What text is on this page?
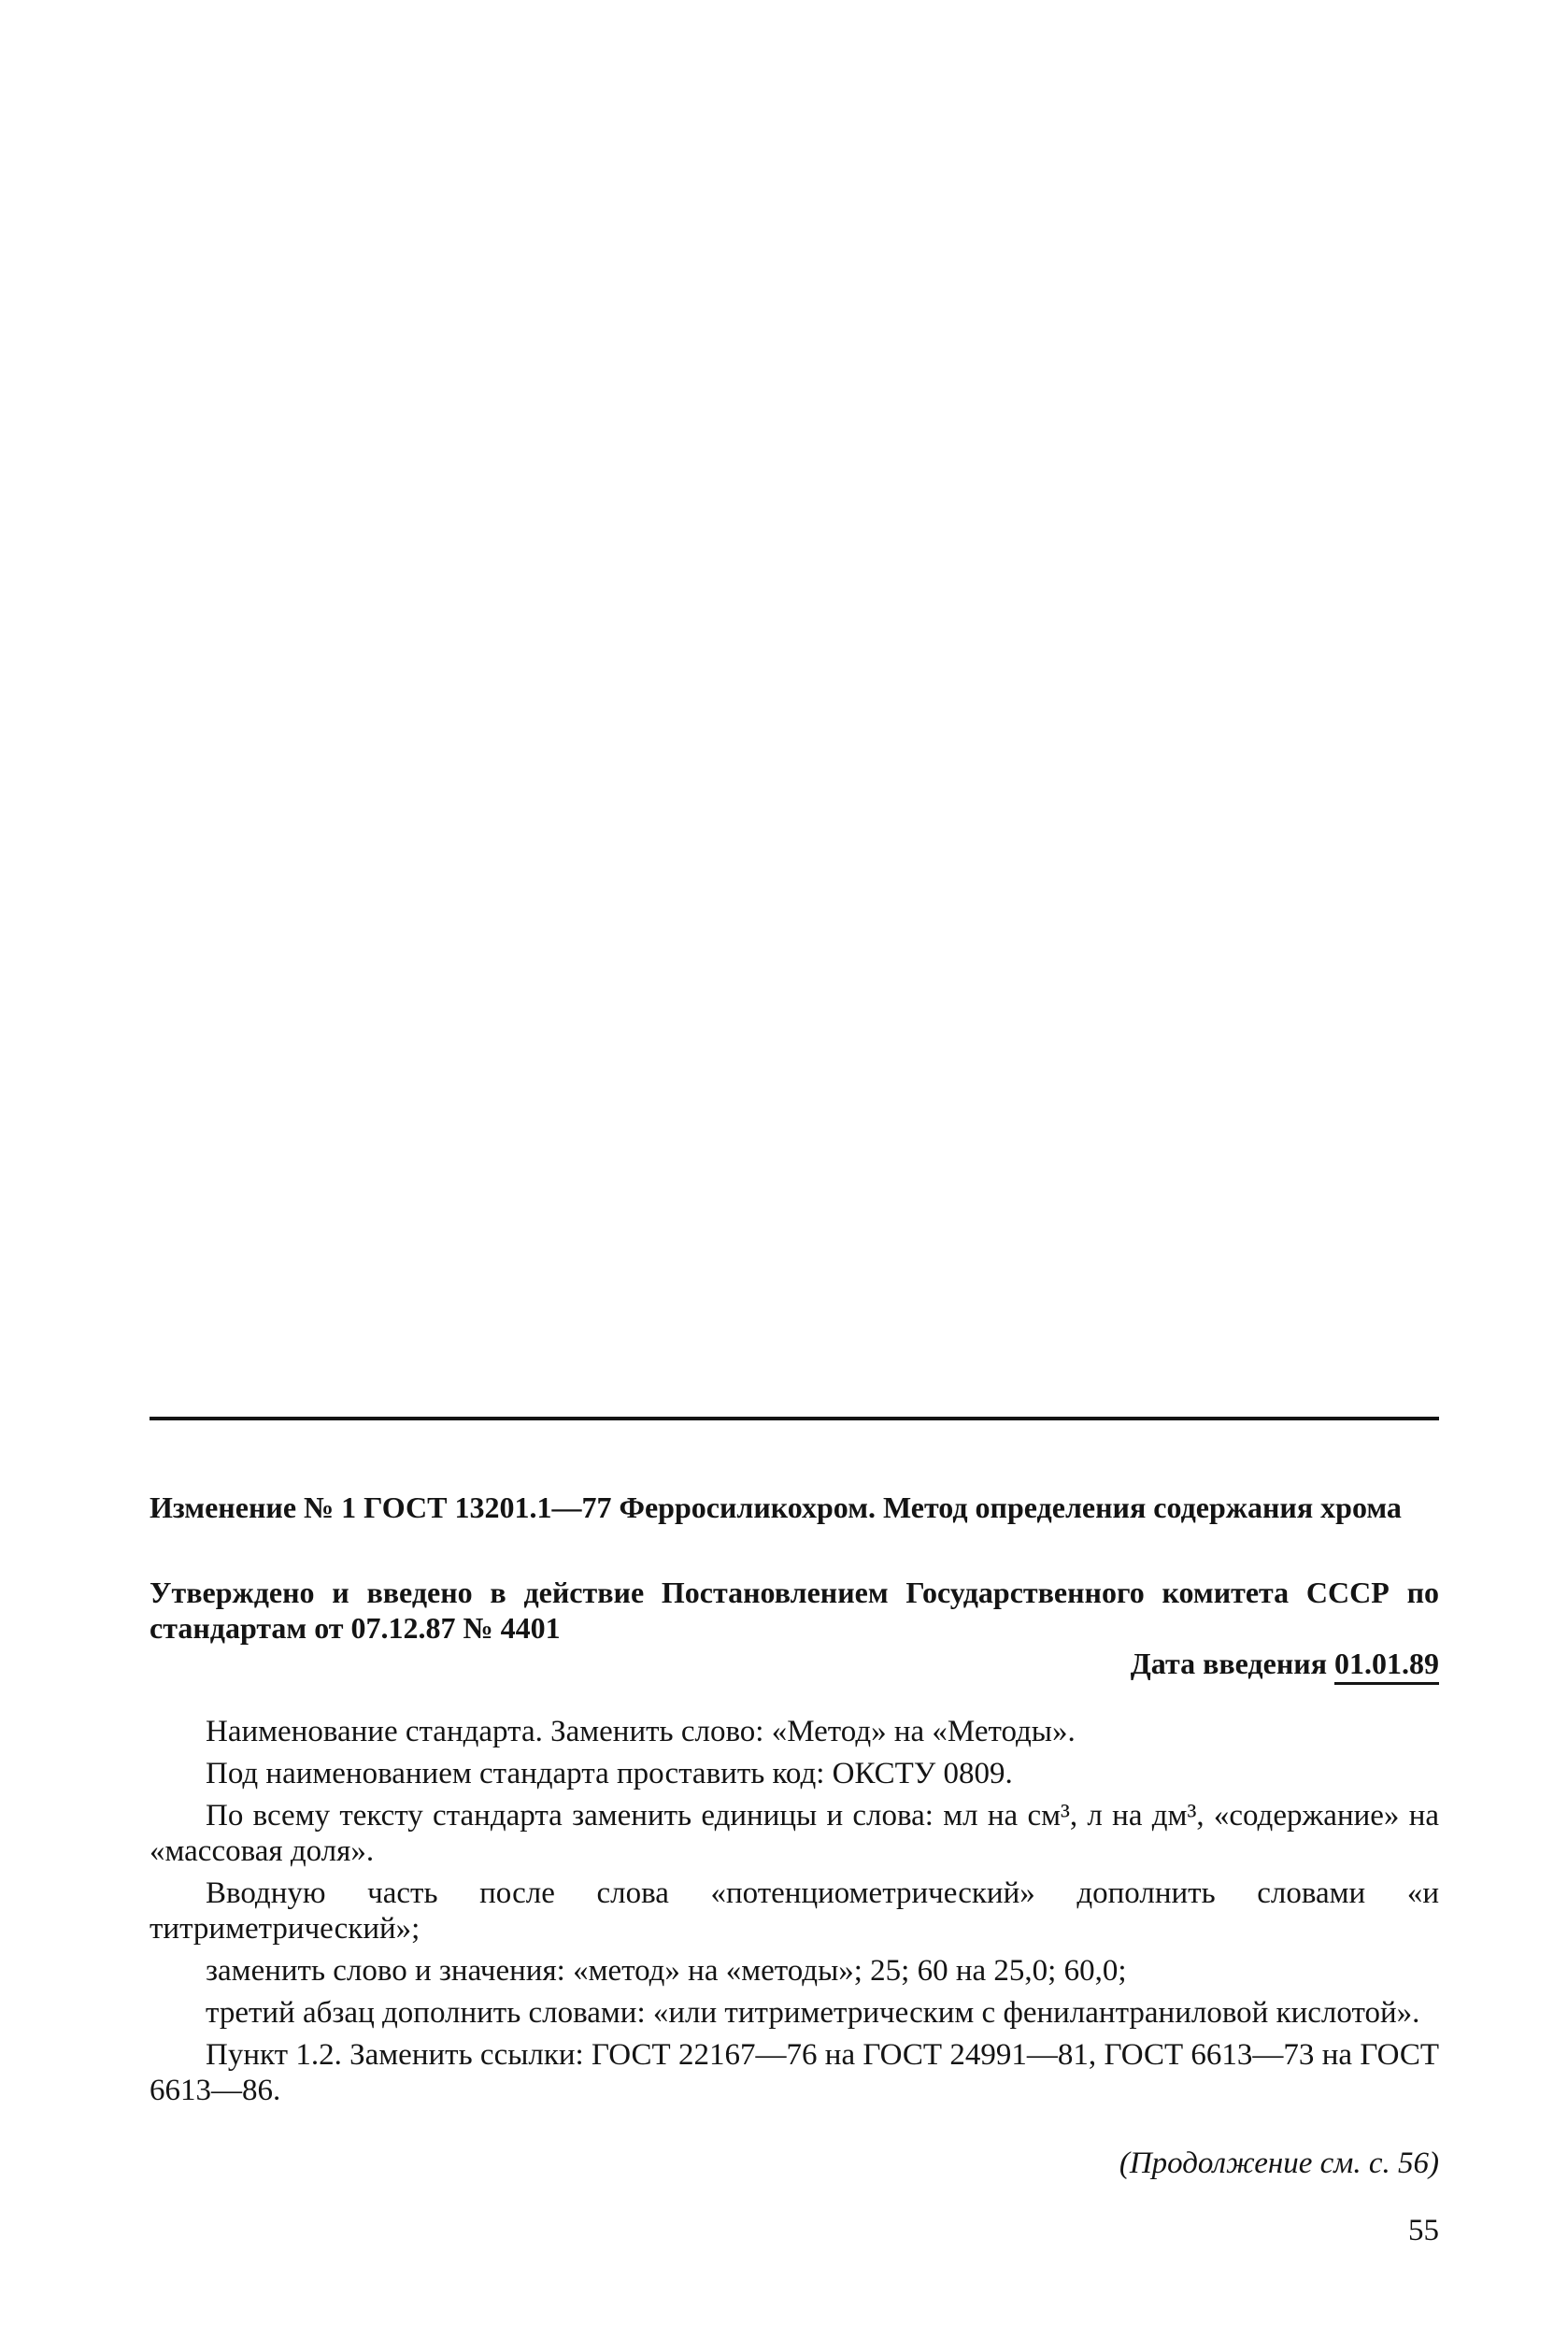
Изменение № 1 ГОСТ 13201.1—77 Ферросиликохром. Метод определения содержания хрома
Утверждено и введено в действие Постановлением Государственного комитета СССР по стандартам от 07.12.87 № 4401
Дата введения 01.01.89

Наименование стандарта. Заменить слово: «Метод» на «Методы».

Под наименованием стандарта проставить код: ОКСТУ 0809.

По всему тексту стандарта заменить единицы и слова: мл на см³, л на дм³, «содержание» на «массовая доля».

Вводную часть после слова «потенциометрический» дополнить словами «и титриметрический»;

заменить слово и значения: «метод» на «методы»; 25; 60 на 25,0; 60,0;

третий абзац дополнить словами: «или титриметрическим с фенилантраниловой кислотой».

Пункт 1.2. Заменить ссылки: ГОСТ 22167—76 на ГОСТ 24991—81, ГОСТ 6613—73 на ГОСТ 6613—86.

(Продолжение см. с. 56)
55
